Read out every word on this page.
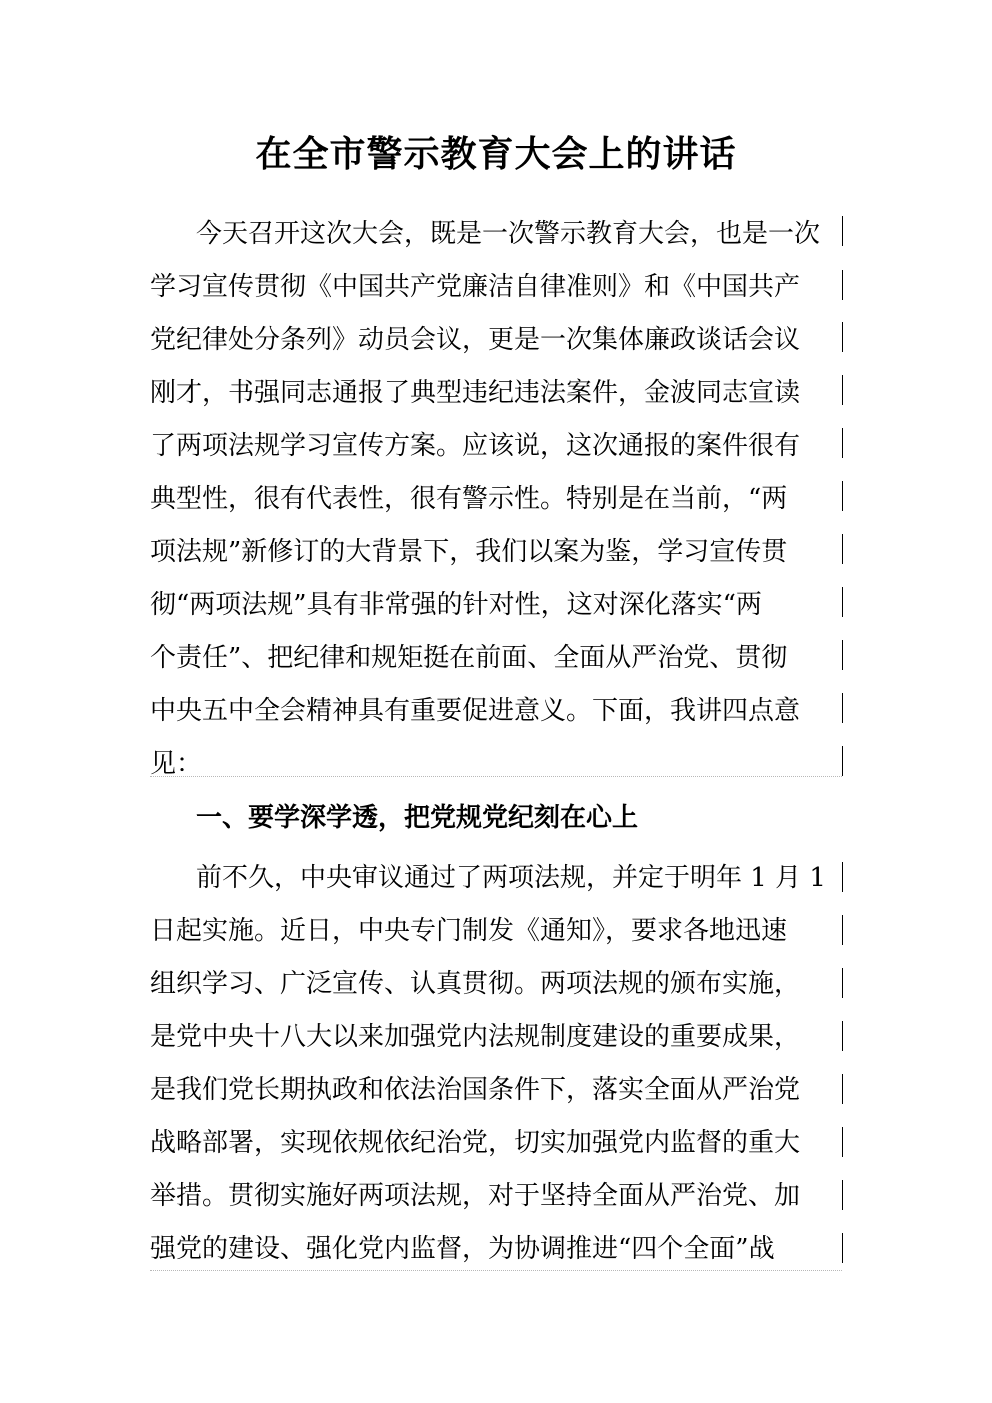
在全市警示教育大会上的讲话
今天召开这次大会，既是一次警示教育大会，也是一次
学习宣传贯彻《中国共产党廉洁自律准则》和《中国共产
党纪律处分条列》动员会议，更是一次集体廉政谈话会议
刚才，书强同志通报了典型违纪违法案件，金波同志宣读
了两项法规学习宣传方案。应该说，这次通报的案件很有
典型性，很有代表性，很有警示性。特别是在当前，“两
项法规”新修订的大背景下，我们以案为鉴，学习宣传贯
彻“两项法规”具有非常强的针对性，这对深化落实“两
个责任”、把纪律和规矩挺在前面、全面从严治党、贯彻
中央五中全会精神具有重要促进意义。下面，我讲四点意
见：
一、要学深学透，把党规党纪刻在心上
前不久，中央审议通过了两项法规，并定于明年 1 月 1
日起实施。近日，中央专门制发《通知》，要求各地迅速
组织学习、广泛宣传、认真贯彻。两项法规的颁布实施，
是党中央十八大以来加强党内法规制度建设的重要成果，
是我们党长期执政和依法治国条件下，落实全面从严治党
战略部署，实现依规依纪治党，切实加强党内监督的重大
举措。贯彻实施好两项法规，对于坚持全面从严治党、加
强党的建设、强化党内监督，为协调推进“四个全面”战
